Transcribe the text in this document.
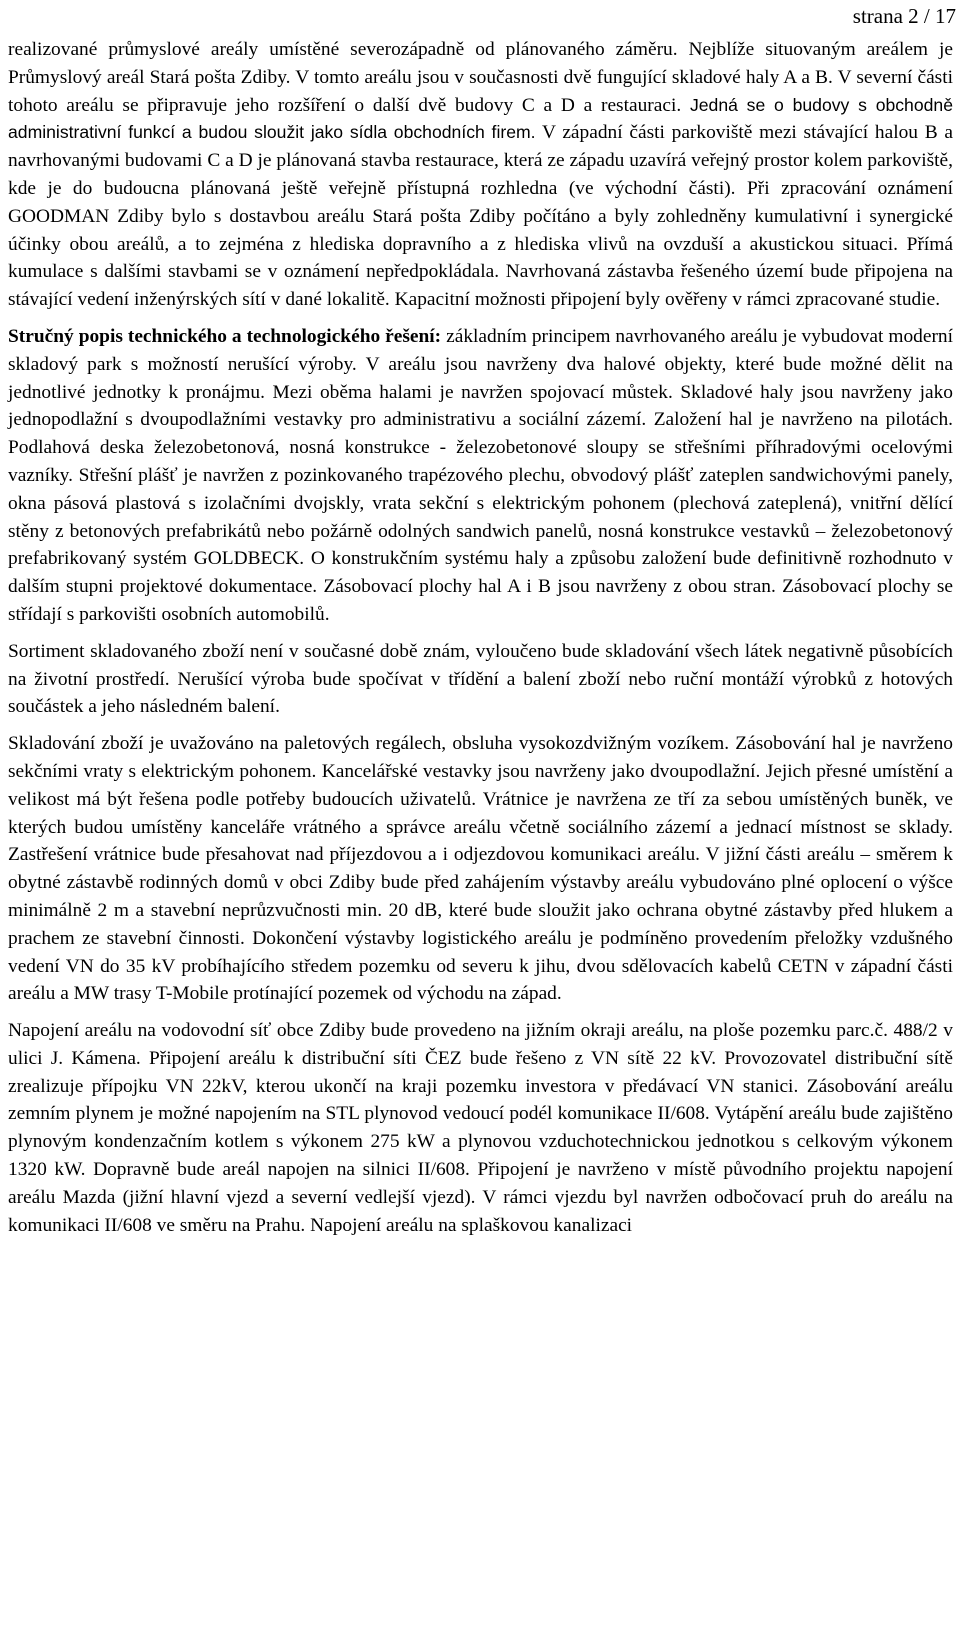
strana 2 / 17

realizované průmyslové areály umístěné severozápadně od plánovaného záměru. Nejblíže situovaným areálem je Průmyslový areál Stará pošta Zdiby. V tomto areálu jsou v současnosti dvě fungující skladové haly A a B. V severní části tohoto areálu se připravuje jeho rozšíření o další dvě budovy C a D a restauraci. Jedná se o budovy s obchodně administrativní funkcí a budou sloužit jako sídla obchodních firem. V západní části parkoviště mezi stávající halou B a navrhovanými budovami C a D je plánovaná stavba restaurace, která ze západu uzavírá veřejný prostor kolem parkoviště, kde je do budoucna plánovaná ještě veřejně přístupná rozhledna (ve východní části). Při zpracování oznámení GOODMAN Zdiby bylo s dostavbou areálu Stará pošta Zdiby počítáno a byly zohledněny kumulativní i synergické účinky obou areálů, a to zejména z hlediska dopravního a z hlediska vlivů na ovzduší a akustickou situaci. Přímá kumulace s dalšími stavbami se v oznámení nepředpokládala. Navrhovaná zástavba řešeného území bude připojena na stávající vedení inženýrských sítí v dané lokalitě. Kapacitní možnosti připojení byly ověřeny v rámci zpracované studie.

Stručný popis technického a technologického řešení: základním principem navrhovaného areálu je vybudovat moderní skladový park s možností nerušící výroby. V areálu jsou navrženy dva halové objekty, které bude možné dělit na jednotlivé jednotky k pronájmu. Mezi oběma halami je navržen spojovací můstek. Skladové haly jsou navrženy jako jednopodlažní s dvoupodlažními vestavky pro administrativu a sociální zázemí. Založení hal je navrženo na pilotách. Podlahová deska železobetonová, nosná konstrukce - železobetonové sloupy se střešními příhradovými ocelovými vazníky. Střešní plášť je navržen z pozinkovaného trapézového plechu, obvodový plášť zateplen sandwichovými panely, okna pásová plastová s izolačními dvojskly, vrata sekční s elektrickým pohonem (plechová zateplená), vnitřní dělící stěny z betonových prefabrikátů nebo požárně odolných sandwich panelů, nosná konstrukce vestavků – železobetonový prefabrikovaný systém GOLDBECK. O konstrukčním systému haly a způsobu založení bude definitivně rozhodnuto v dalším stupni projektové dokumentace. Zásobovací plochy hal A i B jsou navrženy z obou stran. Zásobovací plochy se střídají s parkovišti osobních automobilů.

Sortiment skladovaného zboží není v současné době znám, vyloučeno bude skladování všech látek negativně působících na životní prostředí. Nerušící výroba bude spočívat v třídění a balení zboží nebo ruční montáží výrobků z hotových součástek a jeho následném balení.

Skladování zboží je uvažováno na paletových regálech, obsluha vysokozdvižným vozíkem. Zásobování hal je navrženo sekčními vraty s elektrickým pohonem. Kancelářské vestavky jsou navrženy jako dvoupodlažní. Jejich přesné umístění a velikost má být řešena podle potřeby budoucích uživatelů. Vrátnice je navržena ze tří za sebou umístěných buněk, ve kterých budou umístěny kanceláře vrátného a správce areálu včetně sociálního zázemí a jednací místnost se sklady. Zastřešení vrátnice bude přesahovat nad příjezdovou a i odjezdovou komunikaci areálu. V jižní části areálu – směrem k obytné zástavbě rodinných domů v obci Zdiby bude před zahájením výstavby areálu vybudováno plné oplocení o výšce minimálně 2 m a stavební neprůzvučnosti min. 20 dB, které bude sloužit jako ochrana obytné zástavby před hlukem a prachem ze stavební činnosti. Dokončení výstavby logistického areálu je podmíněno provedením přeložky vzdušného vedení VN do 35 kV probíhajícího středem pozemku od severu k jihu, dvou sdělovacích kabelů CETN v západní části areálu a MW trasy T-Mobile protínající pozemek od východu na západ.

Napojení areálu na vodovodní síť obce Zdiby bude provedeno na jižním okraji areálu, na ploše pozemku parc.č. 488/2 v ulici J. Kámena. Připojení areálu k distribuční síti ČEZ bude řešeno z VN sítě 22 kV. Provozovatel distribuční sítě zrealizuje přípojku VN 22kV, kterou ukončí na kraji pozemku investora v předávací VN stanici. Zásobování areálu zemním plynem je možné napojením na STL plynovod vedoucí podél komunikace II/608. Vytápění areálu bude zajištěno plynovým kondenzačním kotlem s výkonem 275 kW a plynovou vzduchotechnickou jednotkou s celkovým výkonem 1320 kW. Dopravně bude areál napojen na silnici II/608. Připojení je navrženo v místě původního projektu napojení areálu Mazda (jižní hlavní vjezd a severní vedlejší vjezd). V rámci vjezdu byl navržen odbočovací pruh do areálu na komunikaci II/608 ve směru na Prahu. Napojení areálu na splaškovou kanalizaci
